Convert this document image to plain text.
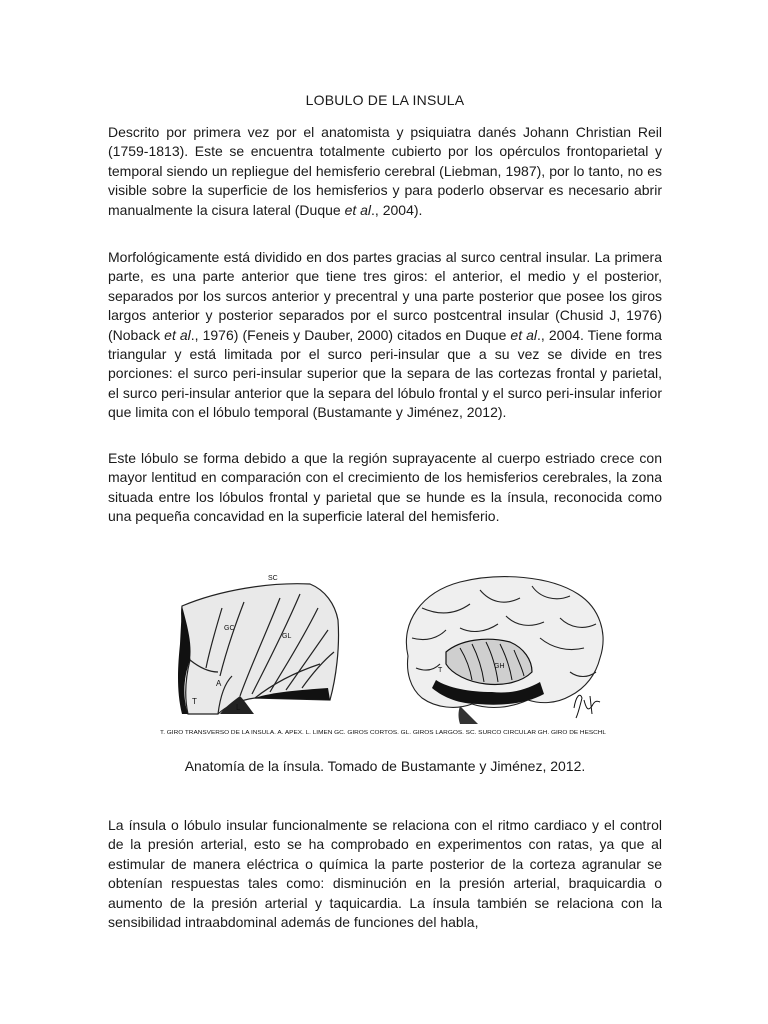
LOBULO DE LA INSULA

Descrito por primera vez por el anatomista y psiquiatra danés Johann Christian Reil (1759-1813). Este se encuentra totalmente cubierto por los opérculos frontoparietal y temporal siendo un repliegue del hemisferio cerebral (Liebman, 1987), por lo tanto, no es visible sobre la superficie de los hemisferios y para poderlo observar es necesario abrir manualmente la cisura lateral (Duque et al., 2004).

Morfológicamente está dividido en dos partes gracias al surco central insular. La primera parte, es una parte anterior que tiene tres giros: el anterior, el medio y el posterior, separados por los surcos anterior y precentral y una parte posterior que posee los giros largos anterior y posterior separados por el surco postcentral insular (Chusid J, 1976) (Noback et al., 1976) (Feneis y Dauber, 2000) citados en Duque et al., 2004. Tiene forma triangular y está limitada por el surco peri-insular que a su vez se divide en tres porciones: el surco peri-insular superior que la separa de las cortezas frontal y parietal, el surco peri-insular anterior que la separa del lóbulo frontal y el surco peri-insular inferior que limita con el lóbulo temporal (Bustamante y Jiménez, 2012).

Este lóbulo se forma debido a que la región suprayacente al cuerpo estriado crece con mayor lentitud en comparación con el crecimiento de los hemisferios cerebrales, la zona situada entre los lóbulos frontal y parietal que se hunde es la ínsula, reconocida como una pequeña concavidad en la superficie lateral del hemisferio.

SC
GC
GL
A
T
L
GH
T
T. GIRO TRANSVERSO DE LA INSULA. A. APEX. L. LIMEN GC. GIROS CORTOS. GL. GIROS LARGOS. SC. SURCO CIRCULAR GH. GIRO DE HESCHL
Anatomía de la ínsula. Tomado de Bustamante y Jiménez, 2012.

La ínsula o lóbulo insular funcionalmente se relaciona con el ritmo cardiaco y el control de la presión arterial, esto se ha comprobado en experimentos con ratas, ya que al estimular de manera eléctrica o química la parte posterior de la corteza agranular se obtenían respuestas tales como: disminución en la presión arterial, braquicardia o aumento de la presión arterial y taquicardia. La ínsula también se relaciona con la sensibilidad intraabdominal además de funciones del habla,
